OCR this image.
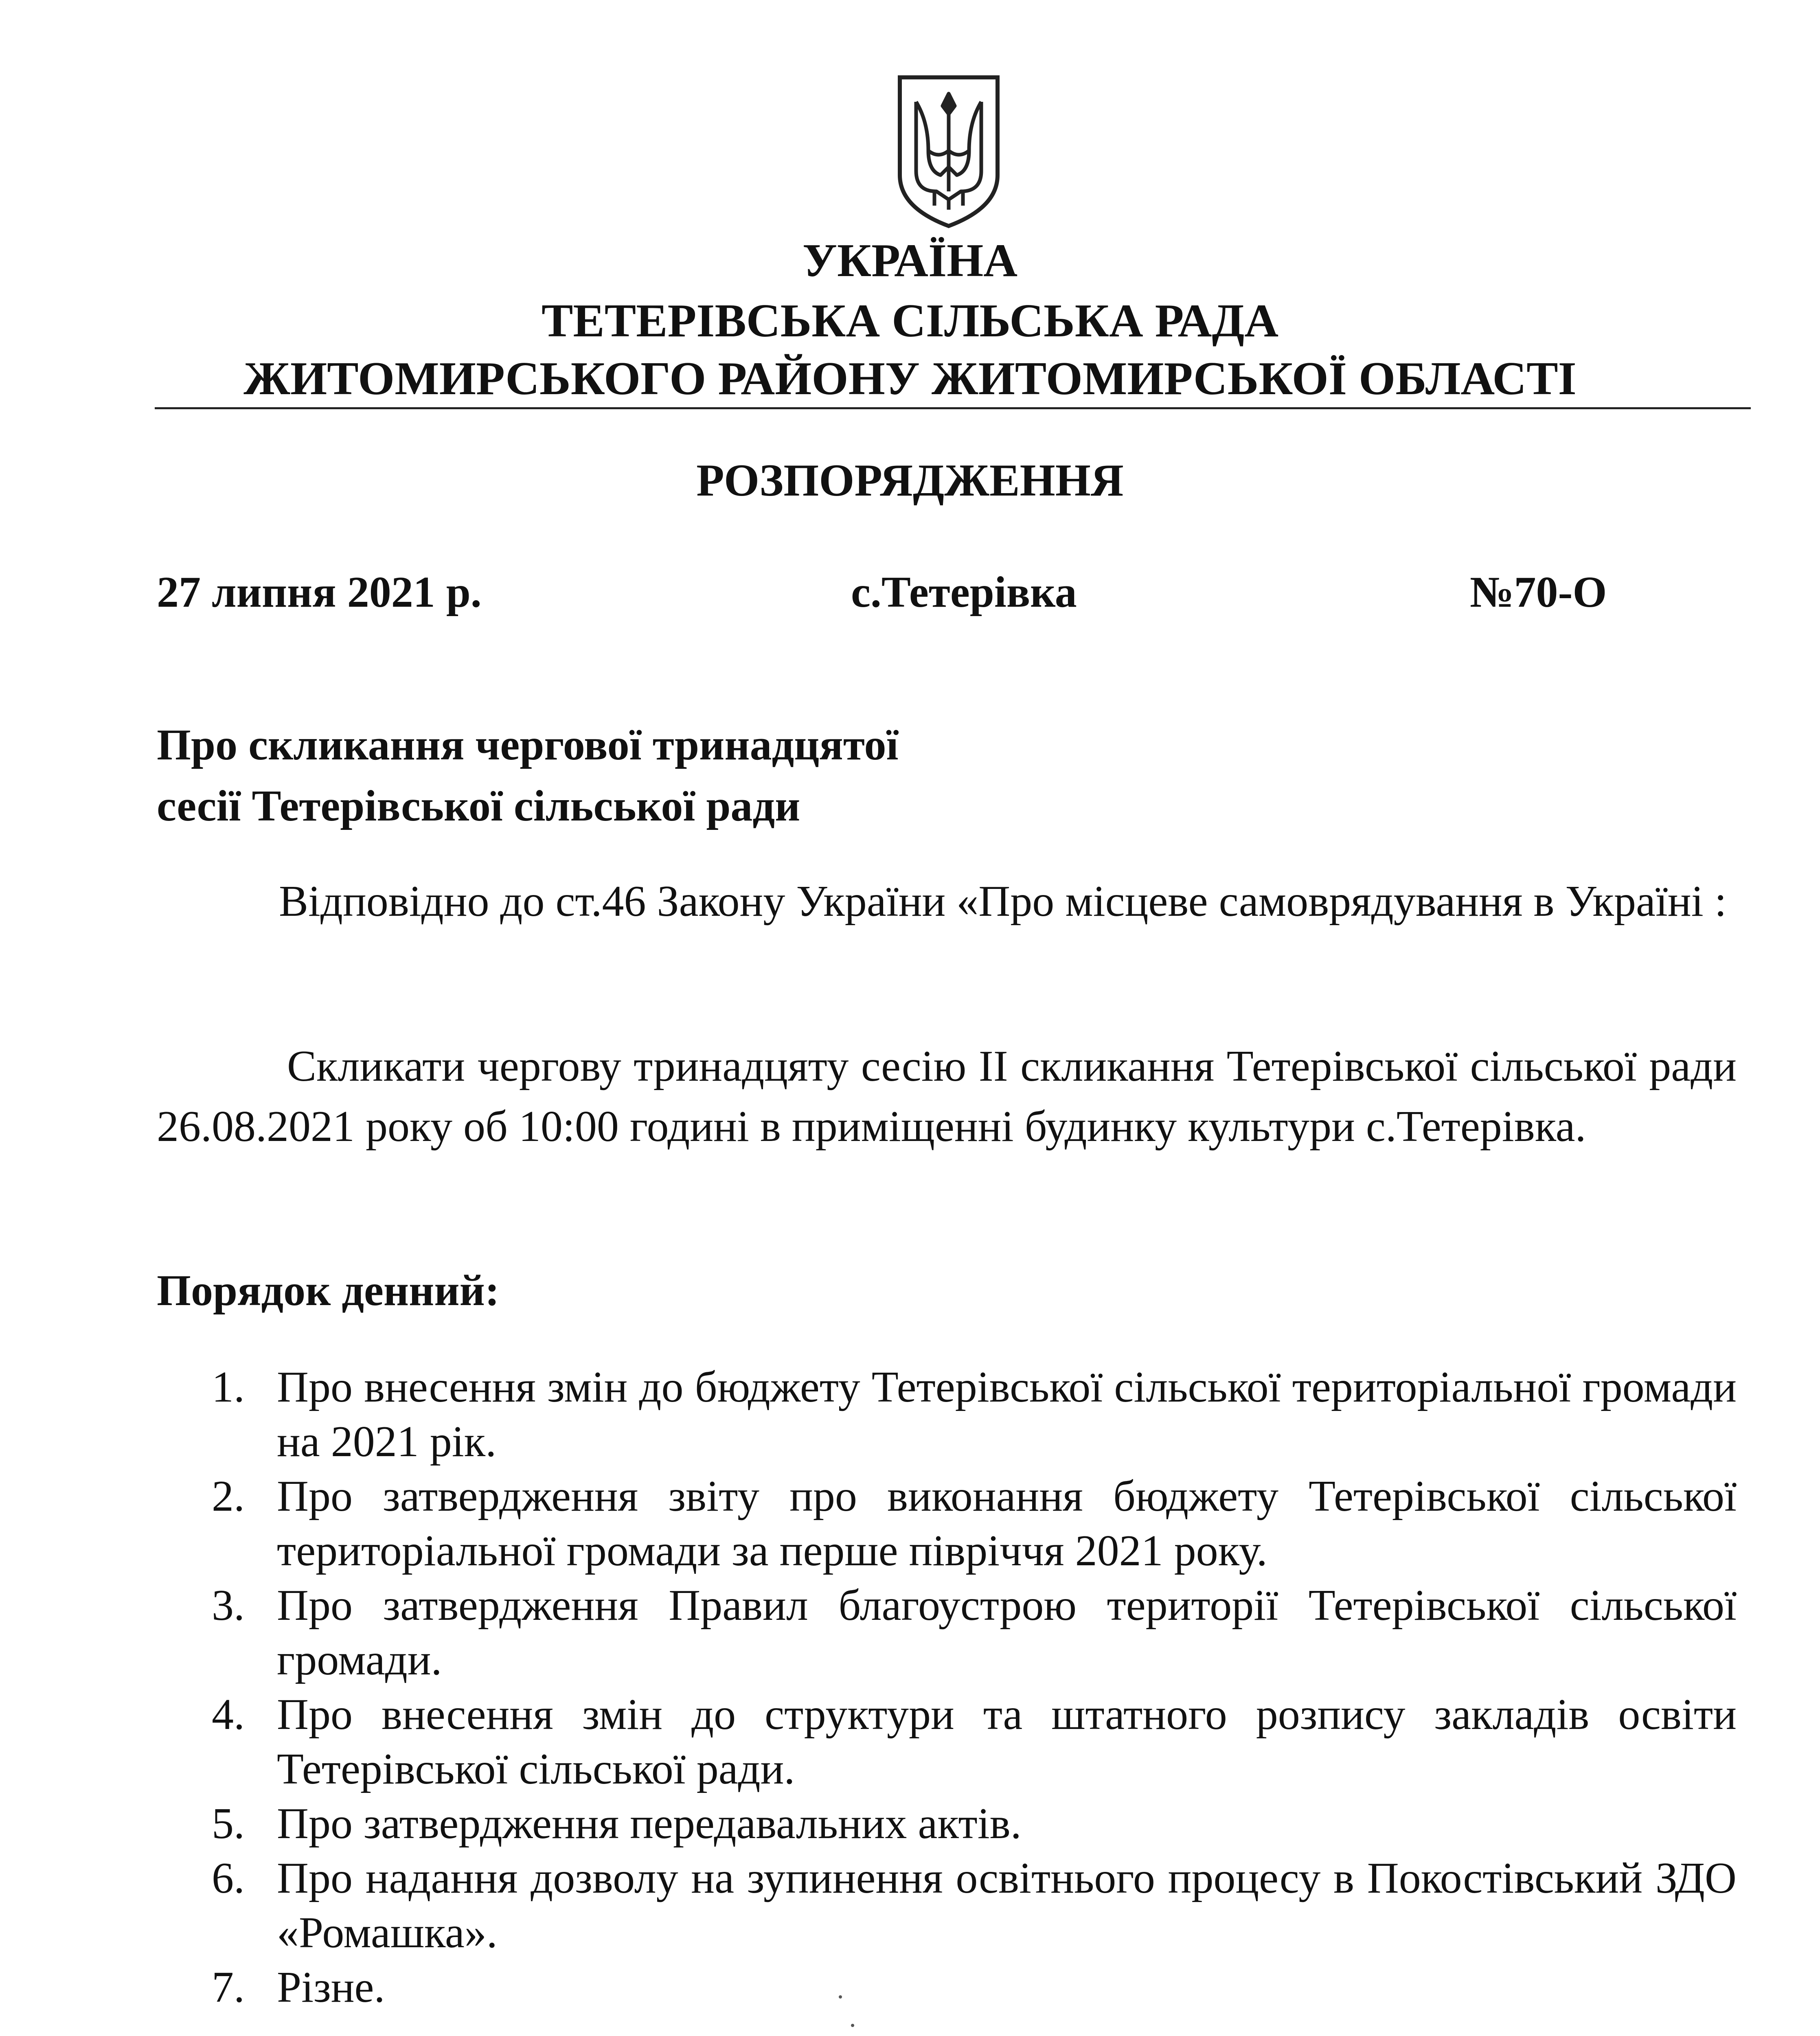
УКРАЇНА
ТЕТЕРІВСЬКА СІЛЬСЬКА РАДА
ЖИТОМИРСЬКОГО РАЙОНУ ЖИТОМИРСЬКОЇ ОБЛАСТІ
РОЗПОРЯДЖЕННЯ
27 липня 2021 р.	с.Тетерівка	№70-О
Про скликання чергової тринадцятої
сесії Тетерівської сільської ради
Відповідно до ст.46 Закону України «Про місцеве самоврядування в Україні :
Скликати чергову тринадцяту сесію II скликання Тетерівської сільської ради 26.08.2021 року об 10:00 годині в приміщенні будинку культури с.Тетерівка.
Порядок денний:
1. Про внесення змін до бюджету Тетерівської сільської територіальної громади на 2021 рік.
2. Про затвердження звіту про виконання бюджету Тетерівської сільської територіальної громади за перше півріччя 2021 року.
3. Про затвердження Правил благоустрою території Тетерівської сільської громади.
4. Про внесення змін до структури та штатного розпису закладів освіти Тетерівської сільської ради.
5. Про затвердження передавальних актів.
6. Про надання дозволу на зупинення освітнього процесу в Покостівський ЗДО «Ромашка».
7. Різне.
